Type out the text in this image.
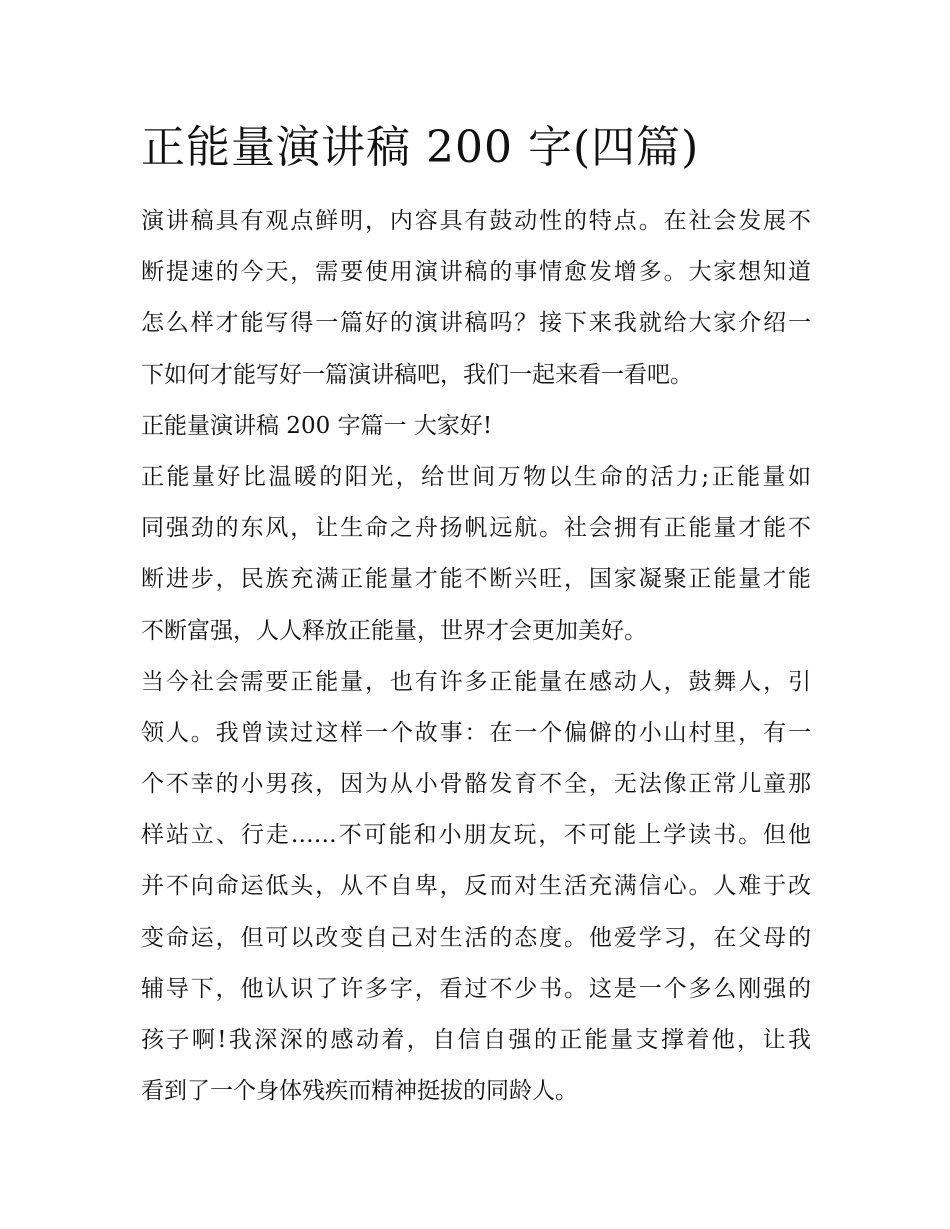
正能量演讲稿 200 字(四篇)
演讲稿具有观点鲜明，内容具有鼓动性的特点。在社会发展不
断提速的今天，需要使用演讲稿的事情愈发增多。大家想知道
怎么样才能写得一篇好的演讲稿吗？接下来我就给大家介绍一
下如何才能写好一篇演讲稿吧，我们一起来看一看吧。
正能量演讲稿 200 字篇一 大家好!
正能量好比温暖的阳光，给世间万物以生命的活力;正能量如
同强劲的东风，让生命之舟扬帆远航。社会拥有正能量才能不
断进步，民族充满正能量才能不断兴旺，国家凝聚正能量才能
不断富强，人人释放正能量，世界才会更加美好。
当今社会需要正能量，也有许多正能量在感动人，鼓舞人，引
领人。我曾读过这样一个故事：在一个偏僻的小山村里，有一
个不幸的小男孩，因为从小骨骼发育不全，无法像正常儿童那
样站立、行走……不可能和小朋友玩，不可能上学读书。但他
并不向命运低头，从不自卑，反而对生活充满信心。人难于改
变命运，但可以改变自己对生活的态度。他爱学习，在父母的
辅导下，他认识了许多字，看过不少书。这是一个多么刚强的
孩子啊!我深深的感动着，自信自强的正能量支撑着他，让我
看到了一个身体残疾而精神挺拔的同龄人。
